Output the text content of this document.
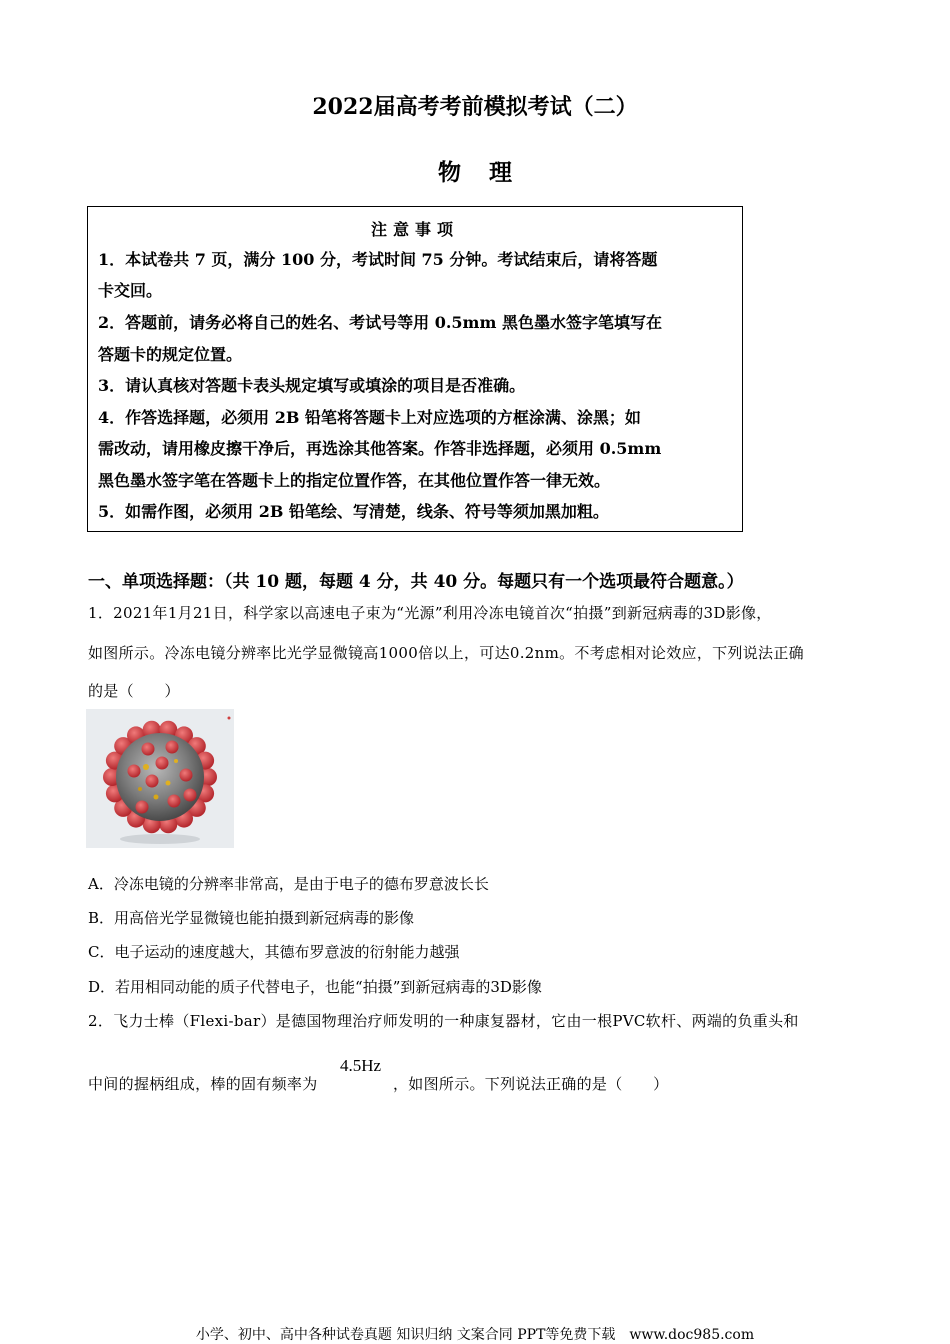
2022届高考考前模拟考试（二）
物理
注意事项
1．本试卷共 7 页，满分 100 分，考试时间 75 分钟。考试结束后，请将答题
卡交回。
2．答题前，请务必将自己的姓名、考试号等用 0.5mm 黑色墨水签字笔填写在
答题卡的规定位置。
3．请认真核对答题卡表头规定填写或填涂的项目是否准确。
4．作答选择题，必须用 2B 铅笔将答题卡上对应选项的方框涂满、涂黑；如
需改动，请用橡皮擦干净后，再选涂其他答案。作答非选择题，必须用 0.5mm
黑色墨水签字笔在答题卡上的指定位置作答，在其他位置作答一律无效。
5．如需作图，必须用 2B 铅笔绘、写清楚，线条、符号等须加黑加粗。
一、单项选择题：（共 10 题，每题 4 分，共 40 分。每题只有一个选项最符合题意。）
1．2021年1月21日，科学家以高速电子束为“光源”利用冷冻电镜首次“拍摄”到新冠病毒的3D影像，
如图所示。冷冻电镜分辨率比光学显微镜高1000倍以上，可达0.2nm。不考虑相对论效应，下列说法正确
的是（　　）
A．冷冻电镜的分辨率非常高，是由于电子的德布罗意波长长
B．用高倍光学显微镜也能拍摄到新冠病毒的影像
C．电子运动的速度越大，其德布罗意波的衍射能力越强
D．若用相同动能的质子代替电子，也能“拍摄”到新冠病毒的3D影像
2．飞力士棒（Flexi-bar）是德国物理治疗师发明的一种康复器材，它由一根PVC软杆、两端的负重头和
中间的握柄组成，棒的固有频率为
4.5Hz
，如图所示。下列说法正确的是（　　）
小学、初中、高中各种试卷真题 知识归纳 文案合同 PPT等免费下载　www.doc985.com
